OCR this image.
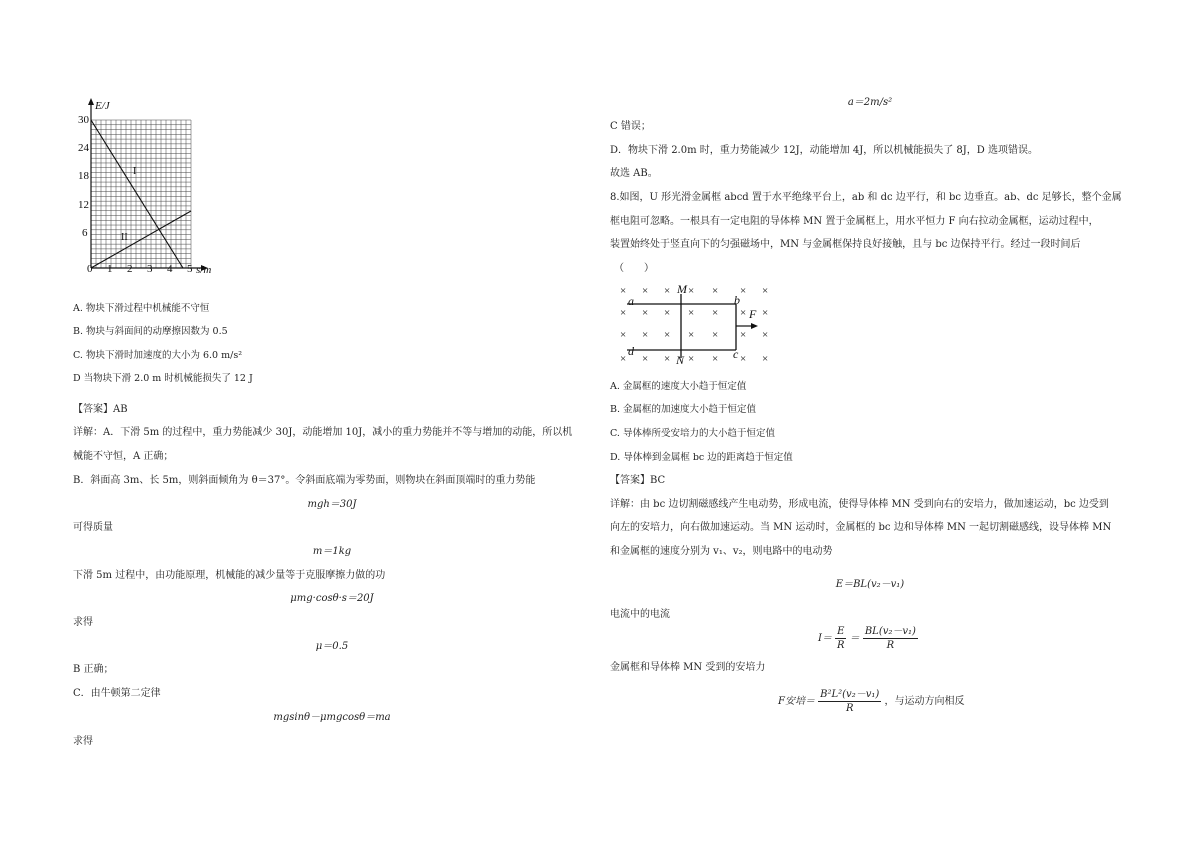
E/J
30
24
18
12
6
0 1 2 3 4 5 s/m
I
II
A. 物块下滑过程中机械能不守恒
B. 物块与斜面间的动摩擦因数为 0.5
C. 物块下滑时加速度的大小为 6.0 m/s²
D 当物块下滑 2.0 m 时机械能损失了 12 J
【答案】AB
详解：A．下滑 5m 的过程中，重力势能减少 30J，动能增加 10J，减小的重力势能并不等与增加的动能，所以机
械能不守恒，A 正确；
B．斜面高 3m、长 5m，则斜面倾角为 θ＝37°。令斜面底端为零势面，则物块在斜面顶端时的重力势能
mgh＝30J
可得质量
m＝1kg
下滑 5m 过程中，由功能原理，机械能的减少量等于克服摩擦力做的功
μmg·cosθ·s＝20J
求得
μ＝0.5
B 正确；
C．由牛顿第二定律
mgsinθ－μmgcosθ＝ma
求得
a＝2m/s²
C 错误；
D．物块下滑 2.0m 时，重力势能减少 12J，动能增加 4J，所以机械能损失了 8J，D 选项错误。
故选 AB。
8.如图，U 形光滑金属框 abcd 置于水平绝缘平台上，ab 和 dc 边平行，和 bc 边垂直。ab、dc 足够长，整个金属
框电阻可忽略。一根具有一定电阻的导体棒 MN 置于金属框上，用水平恒力 F 向右拉动金属框，运动过程中，
装置始终处于竖直向下的匀强磁场中，MN 与金属框保持良好接触，且与 bc 边保持平行。经过一段时间后
（　　）
× × × × × × ×
× × × × × × ×
× × × × × × ×
× × × × × × ×
a	b
c
d
M
N
F
A. 金属框的速度大小趋于恒定值
B. 金属框的加速度大小趋于恒定值
C. 导体棒所受安培力的大小趋于恒定值
D. 导体棒到金属框 bc 边的距离趋于恒定值
【答案】BC
详解：由 bc 边切割磁感线产生电动势，形成电流，使得导体棒 MN 受到向右的安培力，做加速运动，bc 边受到
向左的安培力，向右做加速运动。当 MN 运动时，金属框的 bc 边和导体棒 MN 一起切割磁感线，设导体棒 MN
和金属框的速度分别为 v₁、v₂，则电路中的电动势
E＝BL(v₂－v₁)
电流中的电流
$I= \frac{E}{R} = \frac{\text{BL(v₂－v₁)}}{R}$
金属框和导体棒 MN 受到的安培力
F安培＝ $\frac{\text{B²L²(v₂－v₁)}}{R}$ ，与运动方向相反
